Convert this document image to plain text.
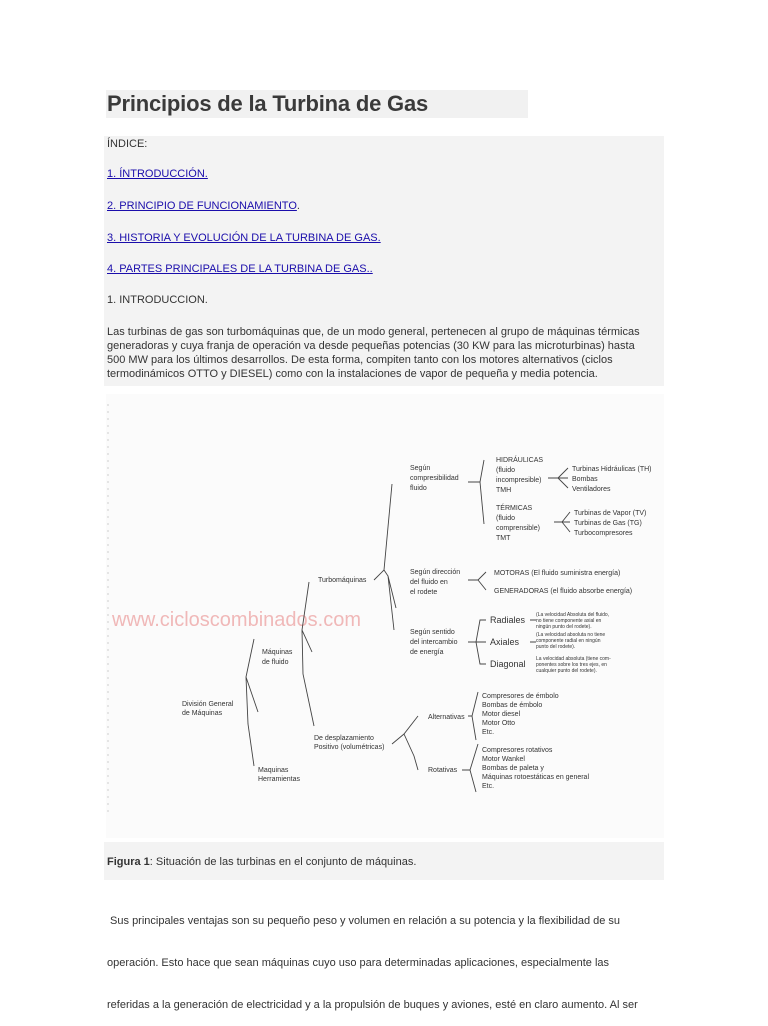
Principios de la Turbina de Gas
ÍNDICE:
1. ÍNTRODUCCIÓN.
2. PRINCIPIO DE FUNCIONAMIENTO.
3. HISTORIA Y EVOLUCIÓN DE LA TURBINA DE GAS.
4. PARTES PRINCIPALES DE LA TURBINA DE GAS..
1. INTRODUCCION.
Las turbinas de gas son turbomáquinas que, de un modo general, pertenecen al grupo de máquinas térmicas
generadoras y cuya franja de operación va desde pequeñas potencias (30 KW para las microturbinas) hasta
500 MW para los últimos desarrollos. De esta forma, compiten tanto con los motores alternativos (ciclos
termodinámicos OTTO y DIESEL) como con la instalaciones de vapor de pequeña y media potencia.
www.cicloscombinados.com
División General
de Máquinas
Máquinas
de fluido
Maquinas
Herramientas
Turbomáquinas
De desplazamiento
Positivo (volumétricas)
Según
compresibilidad
fluido
HIDRÁULICAS
(fluido
incompresible)
TMH
Turbinas Hidráulicas (TH)
Bombas
Ventiladores
TÉRMICAS
(fluido
comprensible)
TMT
Turbinas de Vapor (TV)
Turbinas de Gas (TG)
Turbocompresores
Según dirección
del fluido en
el rodete
MOTORAS (El fluido suministra energía)
GENERADORAS (el fluido absorbe energía)
Según sentido
del intercambio
de energía
Radiales
Axiales
Diagonal
(La velocidad Absoluta del fluido,
no tiene componente axial en
ningún punto del rodete).
(La velocidad absoluta no tiene
componente radial en ningún
punto del rodete).
La velocidad absoluta (tiene com-
ponentes sobre los tres ejes, en
cualquier punto del rodete).
Alternativas
Compresores de émbolo
Bombas de émbolo
Motor diesel
Motor Otto
Etc.
Rotativas
Compresores rotativos
Motor Wankel
Bombas de paleta y
Máquinas rotoestáticas en general
Etc.
Figura 1: Situación de las turbinas en el conjunto de máquinas.

Sus principales ventajas son su pequeño peso y volumen en relación a su potencia y la flexibilidad de su

operación. Esto hace que sean máquinas cuyo uso para determinadas aplicaciones, especialmente las

referidas a la generación de electricidad y a la propulsión de buques y aviones, esté en claro aumento. Al ser
